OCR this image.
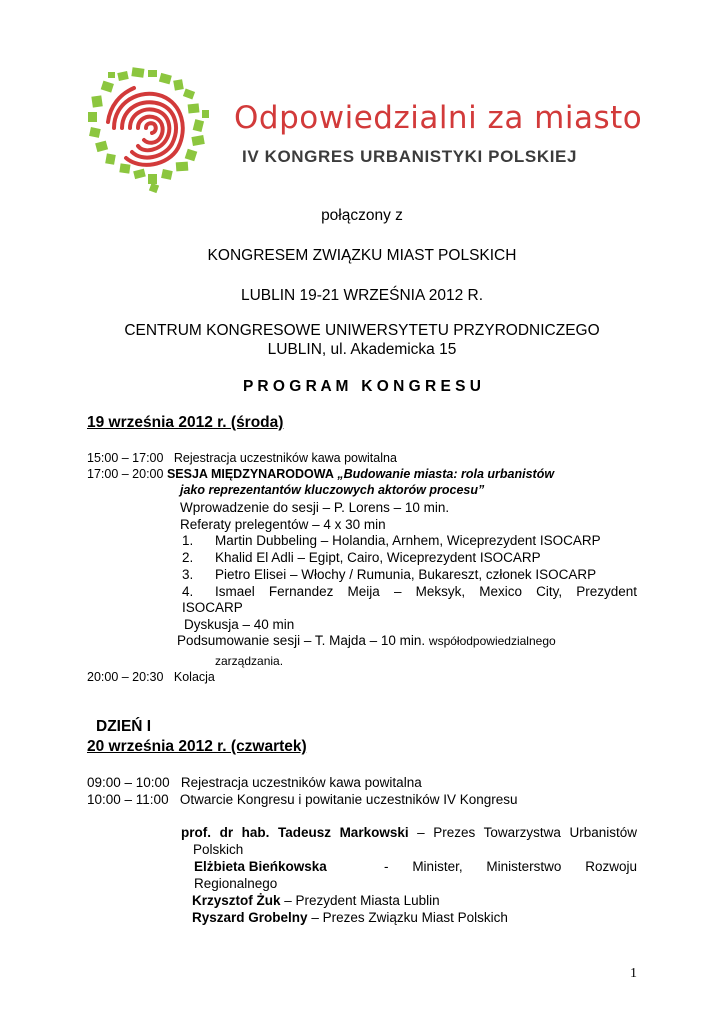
Odpowiedzialni za miasto
IV KONGRES URBANISTYKI POLSKIEJ
połączony z
KONGRESEM ZWIĄZKU MIAST POLSKICH
LUBLIN 19-21 WRZEŚNIA 2012 R.
CENTRUM KONGRESOWE UNIWERSYTETU PRZYRODNICZEGO
LUBLIN, ul. Akademicka 15
P R O G R A M   K O N G R E S U
19 września 2012 r. (środa)
15:00 – 17:00 Rejestracja uczestników kawa powitalna
17:00 – 20:00 SESJA MIĘDZYNARODOWA „Budowanie miasta: rola urbanistów
jako reprezentantów kluczowych aktorów procesu”
Wprowadzenie do sesji – P. Lorens – 10 min.
Referaty prelegentów – 4 x 30 min
1. Martin Dubbeling – Holandia, Arnhem, Wiceprezydent ISOCARP
2. Khalid El Adli – Egipt, Cairo, Wiceprezydent ISOCARP
3. Pietro Elisei – Włochy / Rumunia, Bukareszt, członek ISOCARP
4. Ismael Fernandez Meija – Meksyk, Mexico City, Prezydent
ISOCARP
Dyskusja – 40 min
Podsumowanie sesji – T. Majda – 10 min. współodpowiedzialnego
zarządzania.
20:00 – 20:30 Kolacja
DZIEŃ I
20 września 2012 r. (czwartek)
09:00 – 10:00 Rejestracja uczestników kawa powitalna
10:00 – 11:00 Otwarcie Kongresu i powitanie uczestników IV Kongresu
prof. dr hab. Tadeusz Markowski – Prezes Towarzystwa Urbanistów
Polskich
Elżbieta Bieńkowska	- Minister, Ministerstwo Rozwoju
Regionalnego
Krzysztof Żuk – Prezydent Miasta Lublin
Ryszard Grobelny – Prezes Związku Miast Polskich
1
